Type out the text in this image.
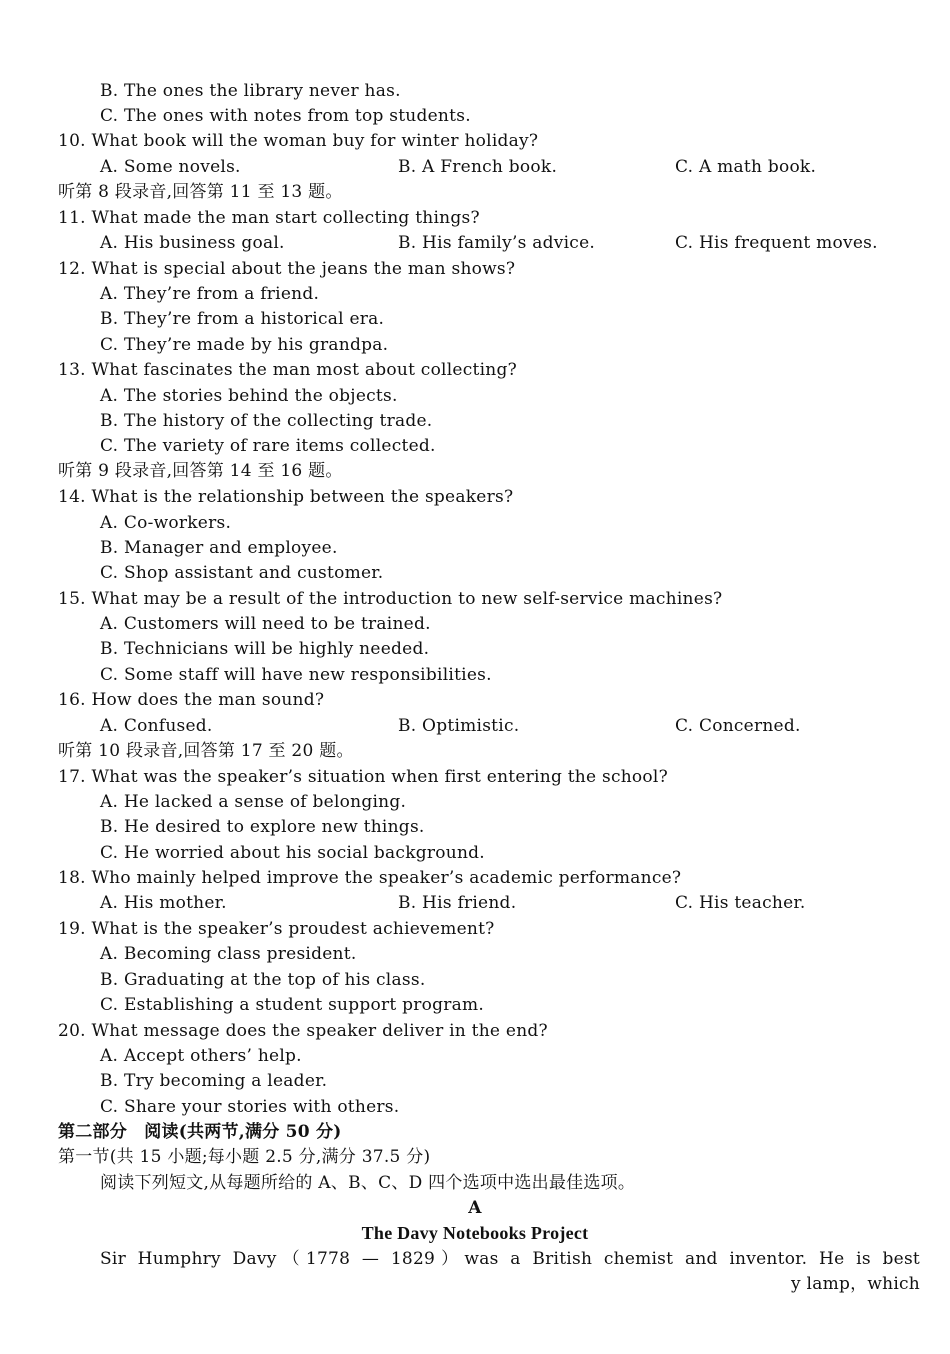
B. The ones the library never has.
C. The ones with notes from top students.
10. What book will the woman buy for winter holiday?
A. Some novels.	B. A French book.	C. A math book.
听第 8 段录音,回答第 11 至 13 题。
11. What made the man start collecting things?
A. His business goal.	B. His family’s advice.	C. His frequent moves.
12. What is special about the jeans the man shows?
A. They’re from a friend.
B. They’re from a historical era.
C. They’re made by his grandpa.
13. What fascinates the man most about collecting?
A. The stories behind the objects.
B. The history of the collecting trade.
C. The variety of rare items collected.
听第 9 段录音,回答第 14 至 16 题。
14. What is the relationship between the speakers?
A. Co-workers.
B. Manager and employee.
C. Shop assistant and customer.
15. What may be a result of the introduction to new self-service machines?
A. Customers will need to be trained.
B. Technicians will be highly needed.
C. Some staff will have new responsibilities.
16. How does the man sound?
A. Confused.	B. Optimistic.	C. Concerned.
听第 10 段录音,回答第 17 至 20 题。
17. What was the speaker’s situation when first entering the school?
A. He lacked a sense of belonging.
B. He desired to explore new things.
C. He worried about his social background.
18. Who mainly helped improve the speaker’s academic performance?
A. His mother.	B. His friend.	C. His teacher.
19. What is the speaker’s proudest achievement?
A. Becoming class president.
B. Graduating at the top of his class.
C. Establishing a student support program.
20. What message does the speaker deliver in the end?
A. Accept others’ help.
B. Try becoming a leader.
C. Share your stories with others.
第二部分　阅读(共两节,满分 50 分)
第一节(共 15 小题;每小题 2.5 分,满分 37.5 分)
阅读下列短文,从每题所给的 A、B、C、D 四个选项中选出最佳选项。
A
The Davy Notebooks Project
Sir Humphry Davy（1778 — 1829）was a British chemist and inventor. He is best
y lamp，which
